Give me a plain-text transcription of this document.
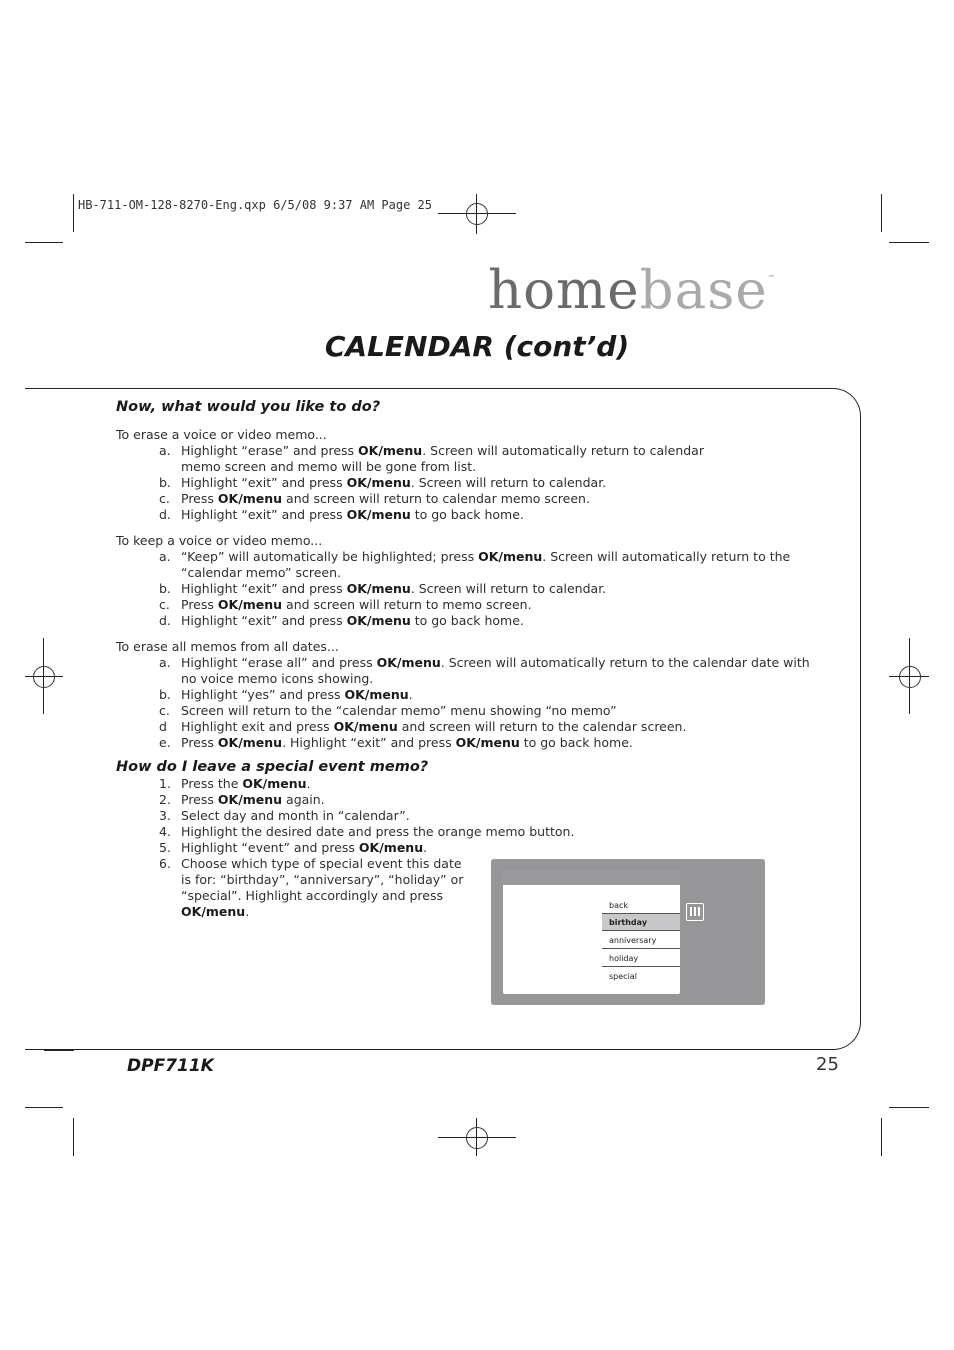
HB-711-OM-128-8270-Eng.qxp 6/5/08 9:37 AM Page 25
homebase™
CALENDAR (cont’d)
Now, what would you like to do?
To erase a voice or video memo...
a. Highlight “erase” and press OK/menu. Screen will automatically return to calendar
memo screen and memo will be gone from list.
b. Highlight “exit” and press OK/menu. Screen will return to calendar.
c. Press OK/menu and screen will return to calendar memo screen.
d. Highlight “exit” and press OK/menu to go back home.
To keep a voice or video memo...
a. “Keep” will automatically be highlighted; press OK/menu. Screen will automatically return to the
“calendar memo” screen.
b. Highlight “exit” and press OK/menu. Screen will return to calendar.
c. Press OK/menu and screen will return to memo screen.
d. Highlight “exit” and press OK/menu to go back home.
To erase all memos from all dates...
a. Highlight “erase all” and press OK/menu. Screen will automatically return to the calendar date with
no voice memo icons showing.
b. Highlight “yes” and press OK/menu.
c. Screen will return to the “calendar memo” menu showing “no memo”
d Highlight exit and press OK/menu and screen will return to the calendar screen.
e. Press OK/menu. Highlight “exit” and press OK/menu to go back home.
How do I leave a special event memo?
1. Press the OK/menu.
2. Press OK/menu again.
3. Select day and month in “calendar”.
4. Highlight the desired date and press the orange memo button.
5. Highlight “event” and press OK/menu.
6. Choose which type of special event this date
is for: “birthday”, “anniversary”, “holiday” or
“special”. Highlight accordingly and press
OK/menu.	back
birthday
anniversary
holiday
special
DPF711K	25
